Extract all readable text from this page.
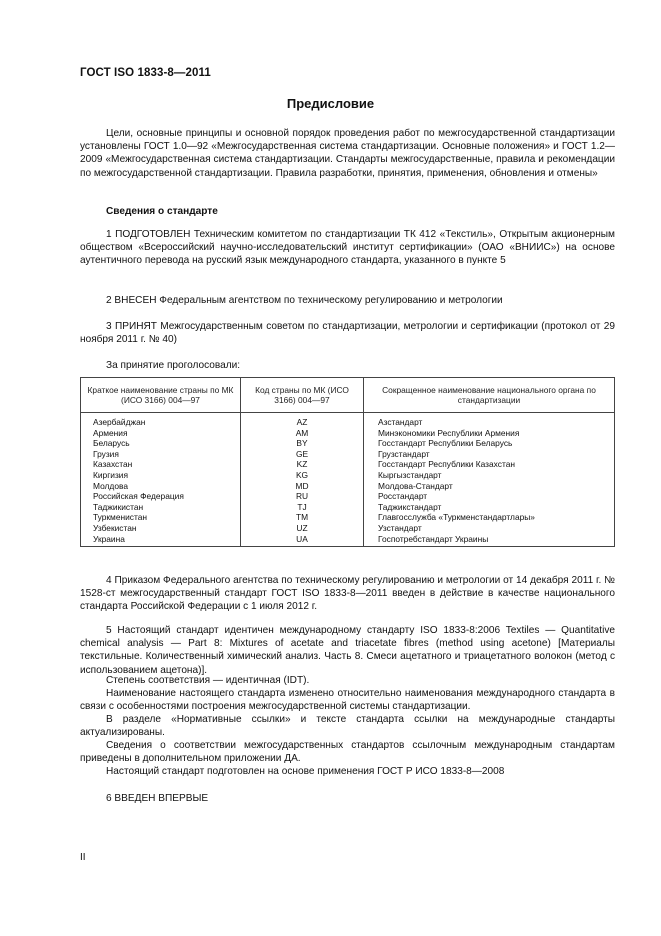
ГОСТ ISO 1833-8—2011
Предисловие
Цели, основные принципы и основной порядок проведения работ по межгосударственной стандартизации установлены ГОСТ 1.0—92 «Межгосударственная система стандартизации. Основные положения» и ГОСТ 1.2—2009 «Межгосударственная система стандартизации. Стандарты межгосударственные, правила и рекомендации по межгосударственной стандартизации. Правила разработки, принятия, применения, обновления и отмены»
Сведения о стандарте
1 ПОДГОТОВЛЕН Техническим комитетом по стандартизации ТК 412 «Текстиль», Открытым акционерным обществом «Всероссийский научно-исследовательский институт сертификации» (ОАО «ВНИИС») на основе аутентичного перевода на русский язык международного стандарта, указанного в пункте 5
2 ВНЕСЕН Федеральным агентством по техническому регулированию и метрологии
3 ПРИНЯТ Межгосударственным советом по стандартизации, метрологии и сертификации (протокол от 29 ноября 2011 г. № 40)
За принятие проголосовали:
Краткое наименование страны по МК (ИСО 3166) 004—97	Код страны по МК (ИСО 3166) 004—97	Сокращенное наименование национального органа по стандартизации
Азербайджан	AZ	Азстандарт
Армения	AM	Минэкономики Республики Армения
Беларусь	BY	Госстандарт Республики Беларусь
Грузия	GE	Грузстандарт
Казахстан	KZ	Госстандарт Республики Казахстан
Киргизия	KG	Кыргызстандарт
Молдова	MD	Молдова-Стандарт
Российская Федерация	RU	Росстандарт
Таджикистан	TJ	Таджикстандарт
Туркменистан	TM	Главгосслужба «Туркменстандартлары»
Узбекистан	UZ	Узстандарт
Украина	UA	Госпотребстандарт Украины
4 Приказом Федерального агентства по техническому регулированию и метрологии от 14 декабря 2011 г. № 1528-ст межгосударственный стандарт ГОСТ ISO 1833-8—2011 введен в действие в качестве национального стандарта Российской Федерации с 1 июля 2012 г.
5 Настоящий стандарт идентичен международному стандарту ISO 1833-8:2006 Textiles — Quantitative chemical analysis — Part 8: Mixtures of acetate and triacetate fibres (method using acetone) [Материалы текстильные. Количественный химический анализ. Часть 8. Смеси ацетатного и триацетатного волокон (метод с использованием ацетона)].
Степень соответствия — идентичная (IDT).
Наименование настоящего стандарта изменено относительно наименования международного стандарта в связи с особенностями построения межгосударственной системы стандартизации.
В разделе «Нормативные ссылки» и тексте стандарта ссылки на международные стандарты актуализированы.
Сведения о соответствии межгосударственных стандартов ссылочным международным стандартам приведены в дополнительном приложении ДА.
Настоящий стандарт подготовлен на основе применения ГОСТ Р ИСО 1833-8—2008
6 ВВЕДЕН ВПЕРВЫЕ
II
